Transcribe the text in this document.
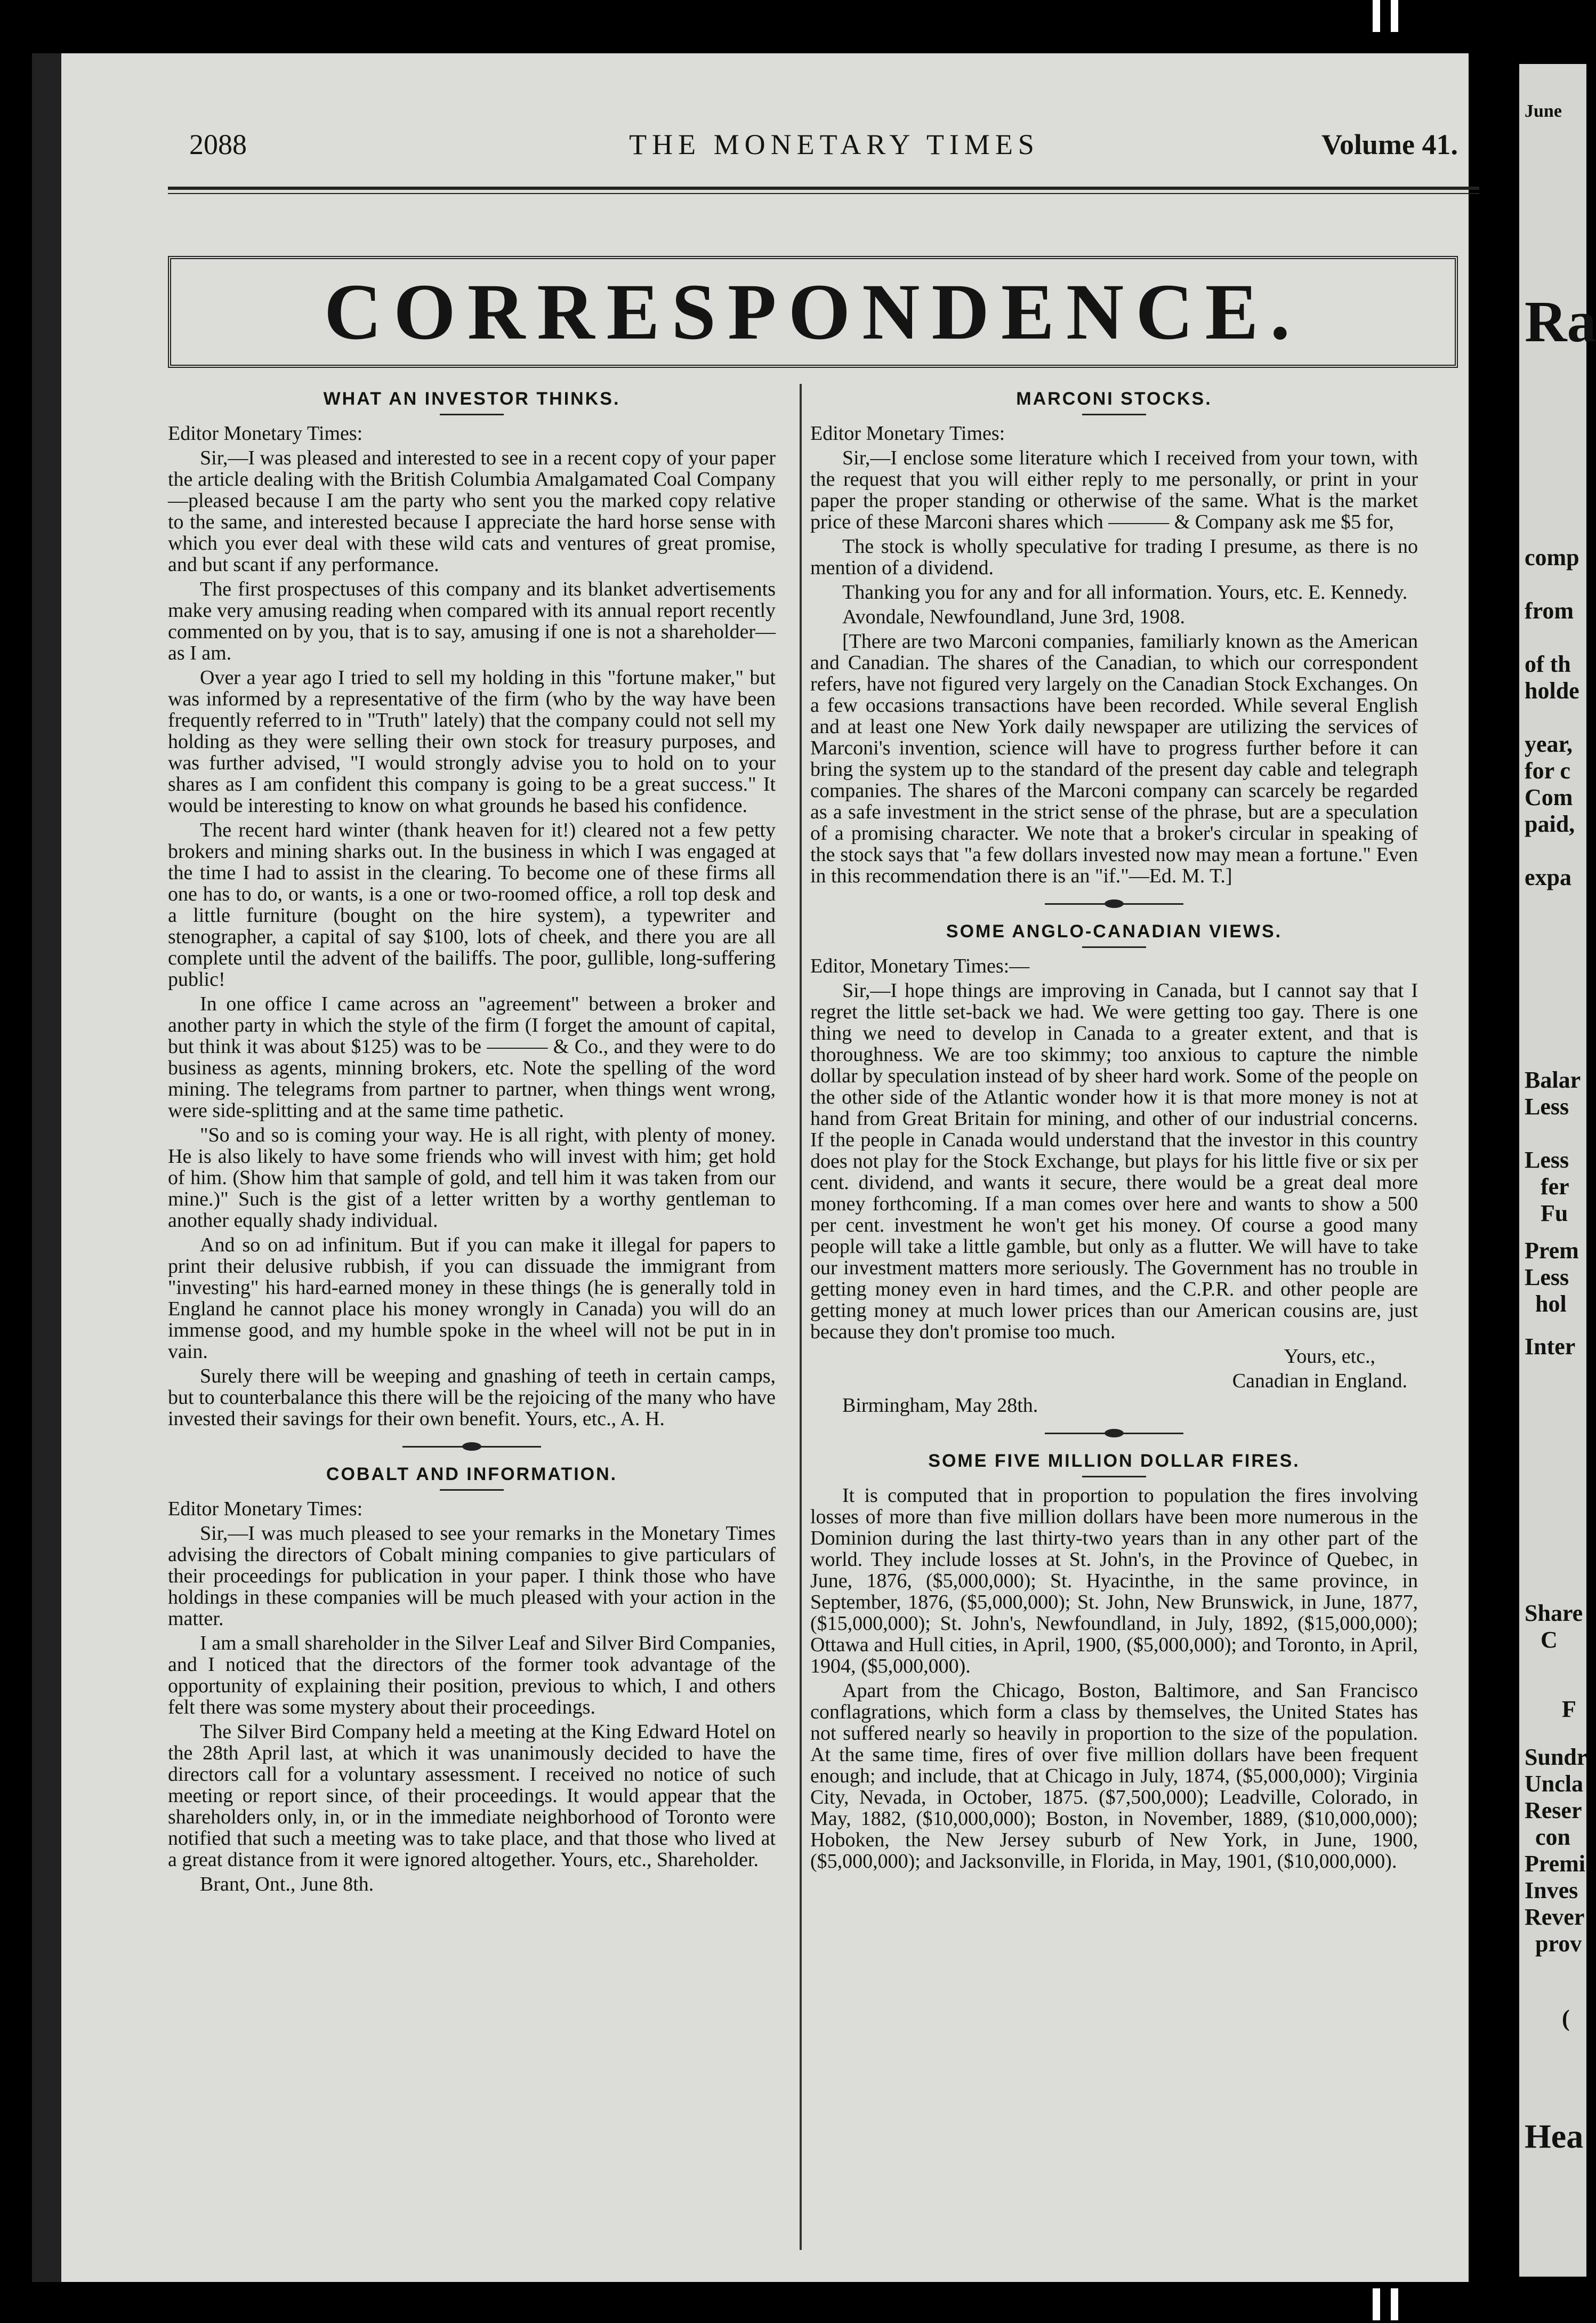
2088	THE MONETARY TIMES	Volume 41.
CORRESPONDENCE.
WHAT AN INVESTOR THINKS.

Editor Monetary Times:

Sir,—I was pleased and interested to see in a recent copy of your paper the article dealing with the British Columbia Amalgamated Coal Company—pleased because I am the party who sent you the marked copy relative to the same, and interested because I appreciate the hard horse sense with which you ever deal with these wild cats and ventures of great promise, and but scant if any performance.

The first prospectuses of this company and its blanket advertisements make very amusing reading when compared with its annual report recently commented on by you, that is to say, amusing if one is not a shareholder—as I am.

Over a year ago I tried to sell my holding in this "fortune maker," but was informed by a representative of the firm (who by the way have been frequently referred to in "Truth" lately) that the company could not sell my holding as they were selling their own stock for treasury purposes, and was further advised, "I would strongly advise you to hold on to your shares as I am confident this company is going to be a great success." It would be interesting to know on what grounds he based his confidence.

The recent hard winter (thank heaven for it!) cleared not a few petty brokers and mining sharks out. In the business in which I was engaged at the time I had to assist in the clearing. To become one of these firms all one has to do, or wants, is a one or two-roomed office, a roll top desk and a little furniture (bought on the hire system), a typewriter and stenographer, a capital of say $100, lots of cheek, and there you are all complete until the advent of the bailiffs. The poor, gullible, long-suffering public!

In one office I came across an "agreement" between a broker and another party in which the style of the firm (I forget the amount of capital, but think it was about $125) was to be ——— & Co., and they were to do business as agents, minning brokers, etc. Note the spelling of the word mining. The telegrams from partner to partner, when things went wrong, were side-splitting and at the same time pathetic.

"So and so is coming your way. He is all right, with plenty of money. He is also likely to have some friends who will invest with him; get hold of him. (Show him that sample of gold, and tell him it was taken from our mine.)" Such is the gist of a letter written by a worthy gentleman to another equally shady individual.

And so on ad infinitum. But if you can make it illegal for papers to print their delusive rubbish, if you can dissuade the immigrant from "investing" his hard-earned money in these things (he is generally told in England he cannot place his money wrongly in Canada) you will do an immense good, and my humble spoke in the wheel will not be put in in vain.

Surely there will be weeping and gnashing of teeth in certain camps, but to counterbalance this there will be the rejoicing of the many who have invested their savings for their own benefit. Yours, etc., A. H.

COBALT AND INFORMATION.

Editor Monetary Times:

Sir,—I was much pleased to see your remarks in the Monetary Times advising the directors of Cobalt mining companies to give particulars of their proceedings for publication in your paper. I think those who have holdings in these companies will be much pleased with your action in the matter.

I am a small shareholder in the Silver Leaf and Silver Bird Companies, and I noticed that the directors of the former took advantage of the opportunity of explaining their position, previous to which, I and others felt there was some mystery about their proceedings.

The Silver Bird Company held a meeting at the King Edward Hotel on the 28th April last, at which it was unanimously decided to have the directors call for a voluntary assessment. I received no notice of such meeting or report since, of their proceedings. It would appear that the shareholders only, in, or in the immediate neighborhood of Toronto were notified that such a meeting was to take place, and that those who lived at a great distance from it were ignored altogether. Yours, etc., Shareholder.

Brant, Ont., June 8th.

MARCONI STOCKS.

Editor Monetary Times:

Sir,—I enclose some literature which I received from your town, with the request that you will either reply to me personally, or print in your paper the proper standing or otherwise of the same. What is the market price of these Marconi shares which ——— & Company ask me $5 for,

The stock is wholly speculative for trading I presume, as there is no mention of a dividend.

Thanking you for any and for all information. Yours, etc. E. Kennedy.

Avondale, Newfoundland, June 3rd, 1908.

[There are two Marconi companies, familiarly known as the American and Canadian. The shares of the Canadian, to which our correspondent refers, have not figured very largely on the Canadian Stock Exchanges. On a few occasions transactions have been recorded. While several English and at least one New York daily newspaper are utilizing the services of Marconi's invention, science will have to progress further before it can bring the system up to the standard of the present day cable and telegraph companies. The shares of the Marconi company can scarcely be regarded as a safe investment in the strict sense of the phrase, but are a speculation of a promising character. We note that a broker's circular in speaking of the stock says that "a few dollars invested now may mean a fortune." Even in this recommendation there is an "if."—Ed. M. T.]

SOME ANGLO-CANADIAN VIEWS.

Editor, Monetary Times:—

Sir,—I hope things are improving in Canada, but I cannot say that I regret the little set-back we had. We were getting too gay. There is one thing we need to develop in Canada to a greater extent, and that is thoroughness. We are too skimmy; too anxious to capture the nimble dollar by speculation instead of by sheer hard work. Some of the people on the other side of the Atlantic wonder how it is that more money is not at hand from Great Britain for mining, and other of our industrial concerns. If the people in Canada would understand that the investor in this country does not play for the Stock Exchange, but plays for his little five or six per cent. dividend, and wants it secure, there would be a great deal more money forthcoming. If a man comes over here and wants to show a 500 per cent. investment he won't get his money. Of course a good many people will take a little gamble, but only as a flutter. We will have to take our investment matters more seriously. The Government has no trouble in getting money even in hard times, and the C.P.R. and other people are getting money at much lower prices than our American cousins are, just because they don't promise too much.

Yours, etc.,

Canadian in England.

Birmingham, May 28th.

SOME FIVE MILLION DOLLAR FIRES.

It is computed that in proportion to population the fires involving losses of more than five million dollars have been more numerous in the Dominion during the last thirty-two years than in any other part of the world. They include losses at St. John's, in the Province of Quebec, in June, 1876, ($5,000,000); St. Hyacinthe, in the same province, in September, 1876, ($5,000,000); St. John, New Brunswick, in June, 1877, ($15,000,000); St. John's, Newfoundland, in July, 1892, ($15,000,000); Ottawa and Hull cities, in April, 1900, ($5,000,000); and Toronto, in April, 1904, ($5,000,000).

Apart from the Chicago, Boston, Baltimore, and San Francisco conflagrations, which form a class by themselves, the United States has not suffered nearly so heavily in proportion to the size of the population. At the same time, fires of over five million dollars have been frequent enough; and include, that at Chicago in July, 1874, ($5,000,000); Virginia City, Nevada, in October, 1875. ($7,500,000); Leadville, Colorado, in May, 1882, ($10,000,000); Boston, in November, 1889, ($10,000,000); Hoboken, the New Jersey suburb of New York, in June, 1900, ($5,000,000); and Jacksonville, in Florida, in May, 1901, ($10,000,000).

June
Ra
comp
from
of th
holde
year,
for c
Com
paid,
expa
Balar
Less
Less
fer
Fu
Prem
Less
hol
Inter
Share
C
F
Sundr
Uncla
Reser
con
Premi
Inves
Rever
prov
(
Hea
